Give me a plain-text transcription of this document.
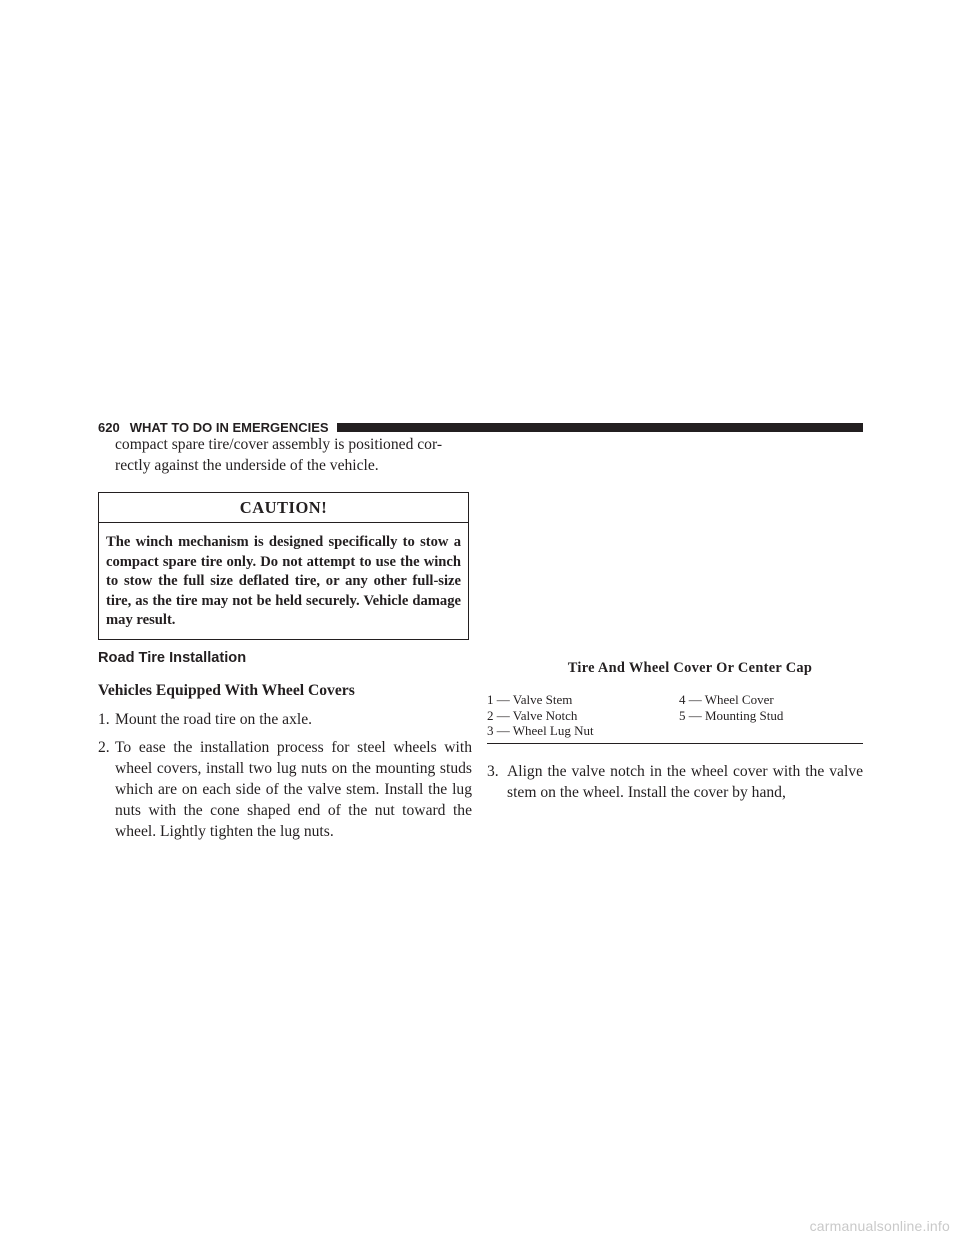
620 WHAT TO DO IN EMERGENCIES

compact spare tire/cover assembly is positioned cor-

rectly against the underside of the vehicle.

CAUTION!
The winch mechanism is designed specifically to stow a compact spare tire only. Do not attempt to use the winch to stow the full size deflated tire, or any other full-size tire, as the tire may not be held securely. Vehicle damage may result.
Road Tire Installation
Vehicles Equipped With Wheel Covers
1. Mount the road tire on the axle.
2. To ease the installation process for steel wheels with wheel covers, install two lug nuts on the mounting studs which are on each side of the valve stem. Install the lug nuts with the cone shaped end of the nut toward the wheel. Lightly tighten the lug nuts.
Tire And Wheel Cover Or Center Cap
1 — Valve Stem	4 — Wheel Cover
2 — Valve Notch	5 — Mounting Stud
3 — Wheel Lug Nut
3. Align the valve notch in the wheel cover with the valve stem on the wheel. Install the cover by hand,
carmanualsonline.info
